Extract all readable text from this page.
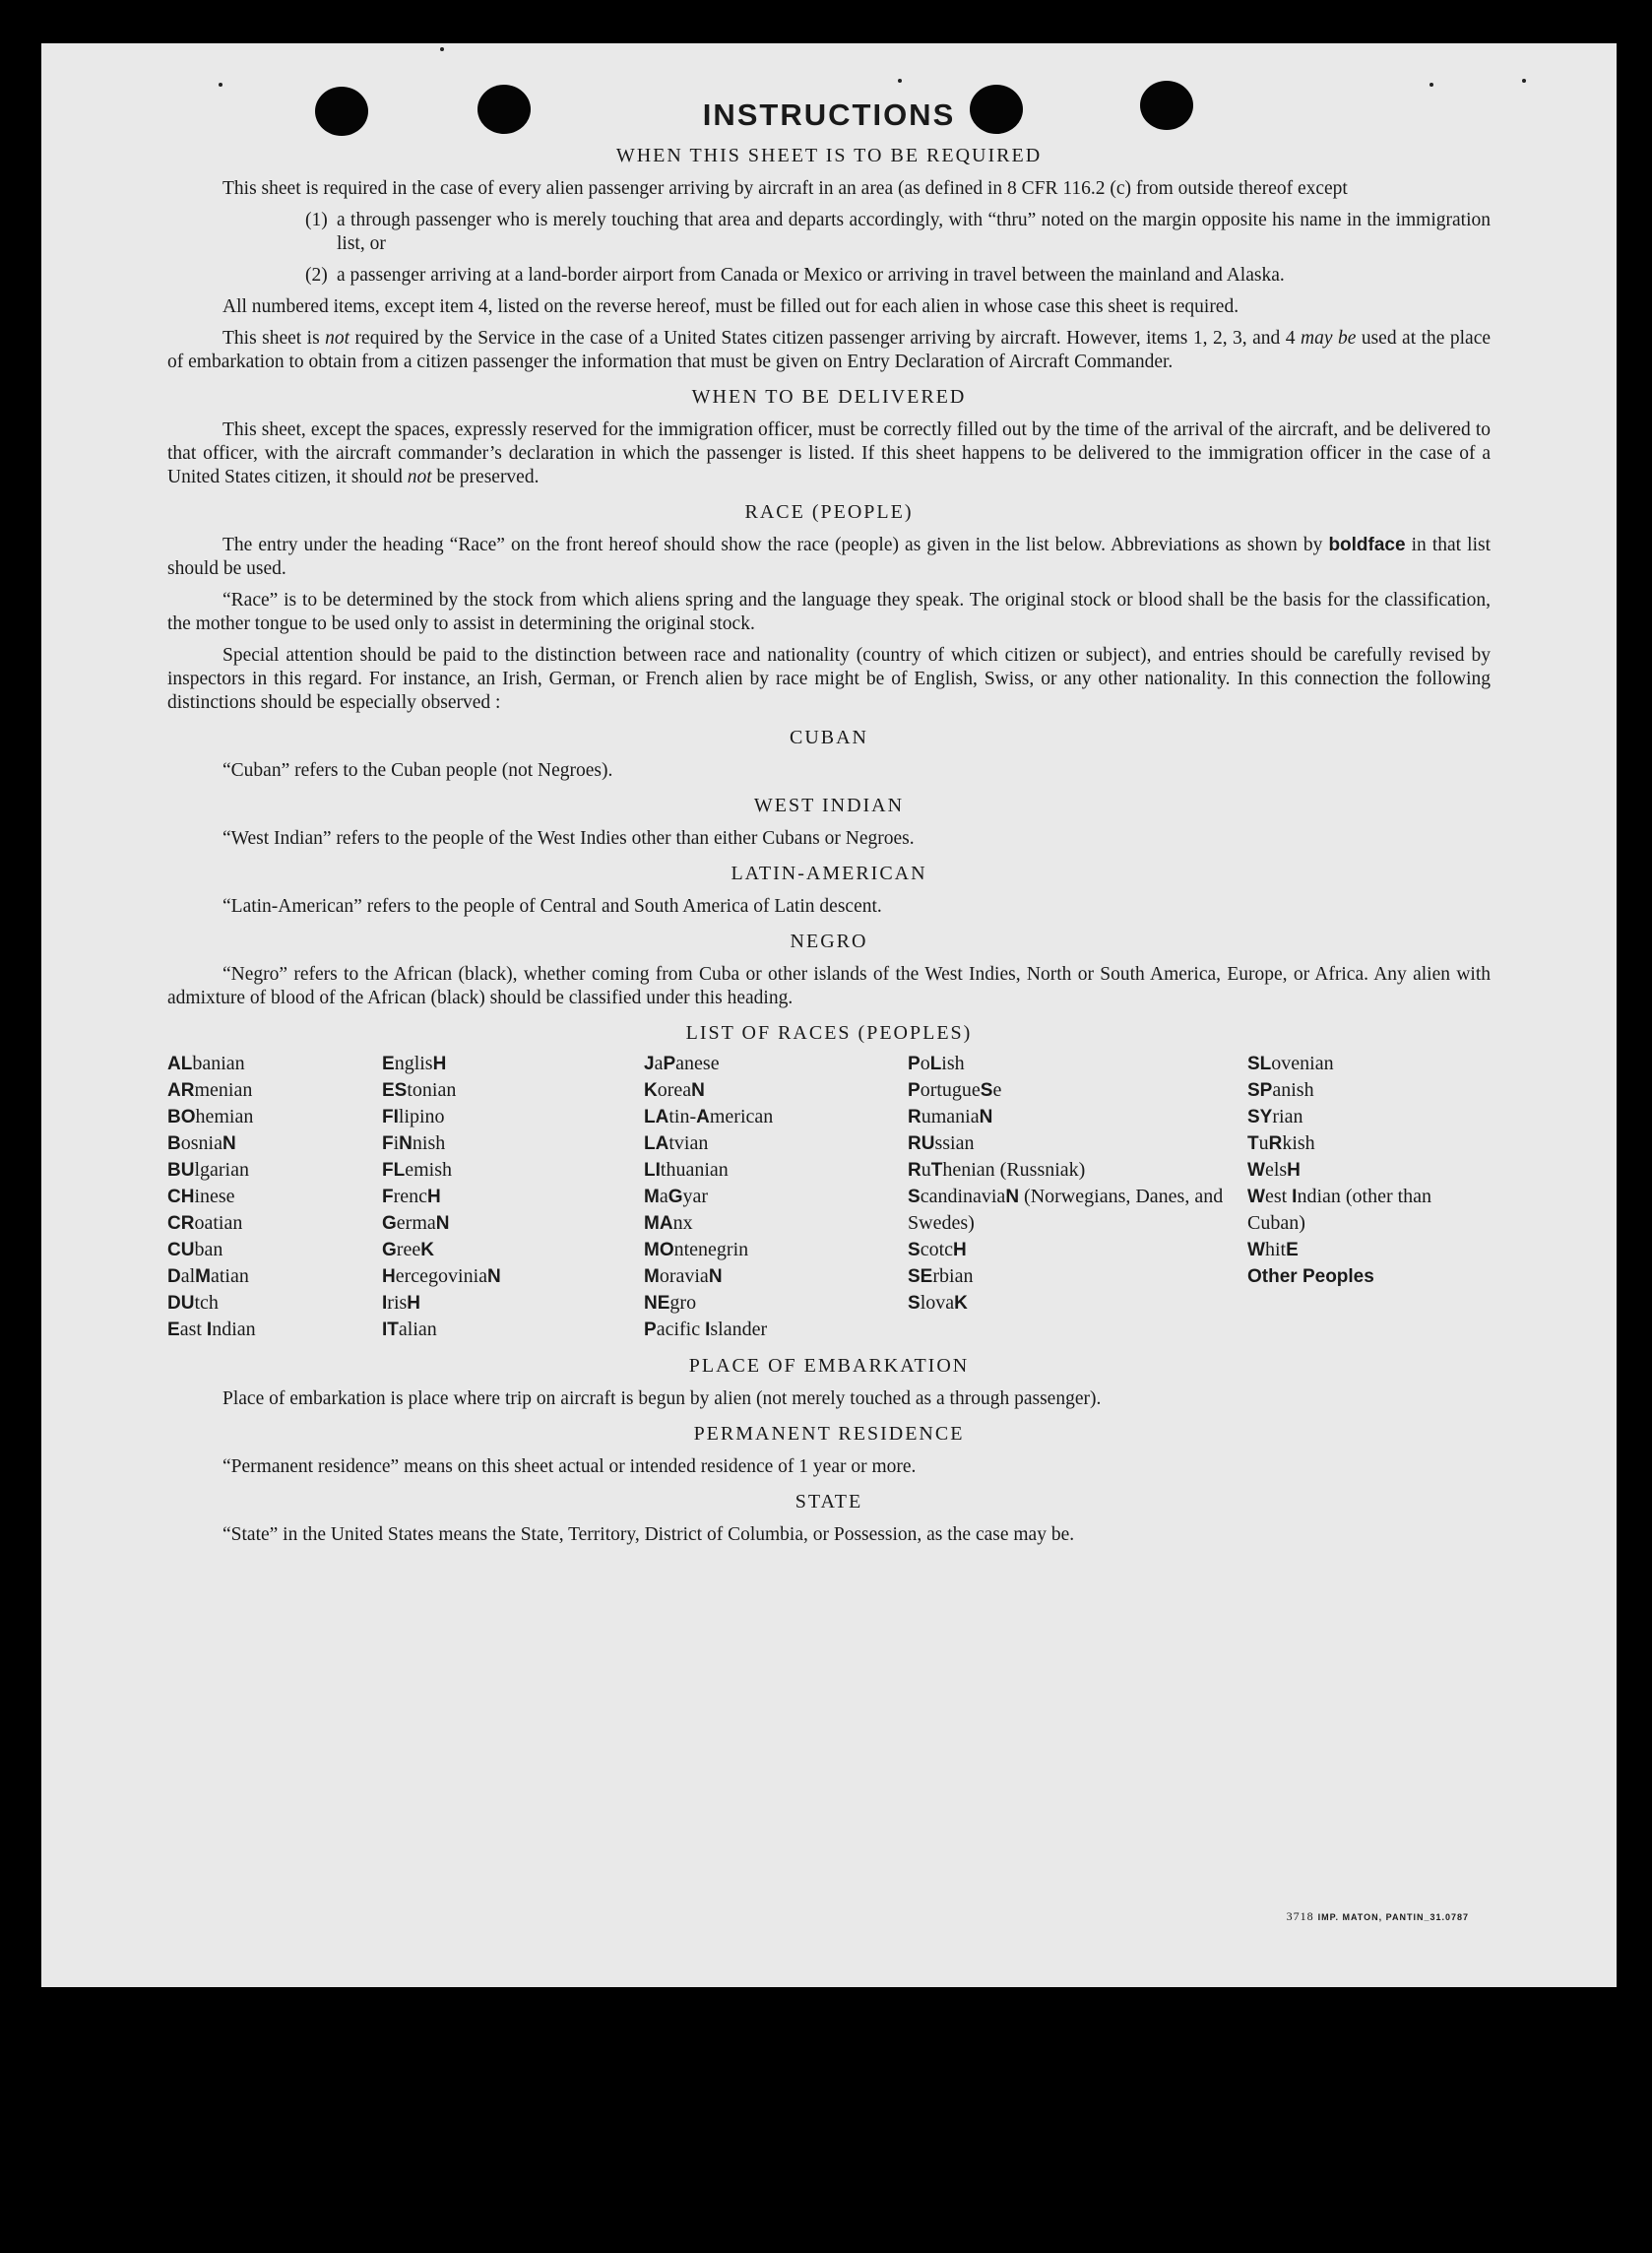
INSTRUCTIONS
WHEN THIS SHEET IS TO BE REQUIRED

This sheet is required in the case of every alien passenger arriving by aircraft in an area (as defined in 8 CFR 116.2 (c) from outside thereof except

(1) a through passenger who is merely touching that area and departs accordingly, with “thru” noted on the margin opposite his name in the immigration list, or
(2) a passenger arriving at a land-border airport from Canada or Mexico or arriving in travel between the mainland and Alaska.

All numbered items, except item 4, listed on the reverse hereof, must be filled out for each alien in whose case this sheet is required.

This sheet is not required by the Service in the case of a United States citizen passenger arriving by aircraft. However, items 1, 2, 3, and 4 may be used at the place of embarkation to obtain from a citizen passenger the information that must be given on Entry Declaration of Aircraft Commander.

WHEN TO BE DELIVERED

This sheet, except the spaces, expressly reserved for the immigration officer, must be correctly filled out by the time of the arrival of the aircraft, and be delivered to that officer, with the aircraft commander’s declaration in which the passenger is listed. If this sheet happens to be delivered to the immigration officer in the case of a United States citizen, it should not be preserved.

RACE (PEOPLE)

The entry under the heading “Race” on the front hereof should show the race (people) as given in the list below. Abbreviations as shown by boldface in that list should be used.

“Race” is to be determined by the stock from which aliens spring and the language they speak. The original stock or blood shall be the basis for the classification, the mother tongue to be used only to assist in determining the original stock.

Special attention should be paid to the distinction between race and nationality (country of which citizen or subject), and entries should be carefully revised by inspectors in this regard. For instance, an Irish, German, or French alien by race might be of English, Swiss, or any other nationality. In this connection the following distinctions should be especially observed :

CUBAN

“Cuban” refers to the Cuban people (not Negroes).

WEST INDIAN

“West Indian” refers to the people of the West Indies other than either Cubans or Negroes.

LATIN-AMERICAN

“Latin-American” refers to the people of Central and South America of Latin descent.

NEGRO

“Negro” refers to the African (black), whether coming from Cuba or other islands of the West Indies, North or South America, Europe, or Africa. Any alien with admixture of blood of the African (black) should be classified under this heading.

LIST OF RACES (PEOPLES)
ALbanian
ARmenian
BOhemian
BosniaN
BUlgarian
CHinese
CRoatian
CUban
DalMatian
DUtch
East Indian
EnglisH
EStonian
FIlipino
FiNnish
FLemish
FrencH
GermaN
GreeK
HercegoviniaN
IrisH
ITalian
JaPanese
KoreaN
LAtin-American
LAtvian
LIthuanian
MaGyar
MAnx
MOntenegrin
MoraviaN
NEgro
Pacific Islander
PoLish
PortugueSe
RumaniaN
RUssian
RuThenian (Russniak)
ScandinaviaN (Norwegians, Danes, and Swedes)
ScotcH
SErbian
SlovaK
SLovenian
SPanish
SYrian
TuRkish
WelsH
West Indian (other than Cuban)
WhitE
Other Peoples
PLACE OF EMBARKATION

Place of embarkation is place where trip on aircraft is begun by alien (not merely touched as a through passenger).

PERMANENT RESIDENCE

“Permanent residence” means on this sheet actual or intended residence of 1 year or more.

STATE

“State” in the United States means the State, Territory, District of Columbia, or Possession, as the case may be.

3718 IMP. MATON, PANTIN_31.0787
